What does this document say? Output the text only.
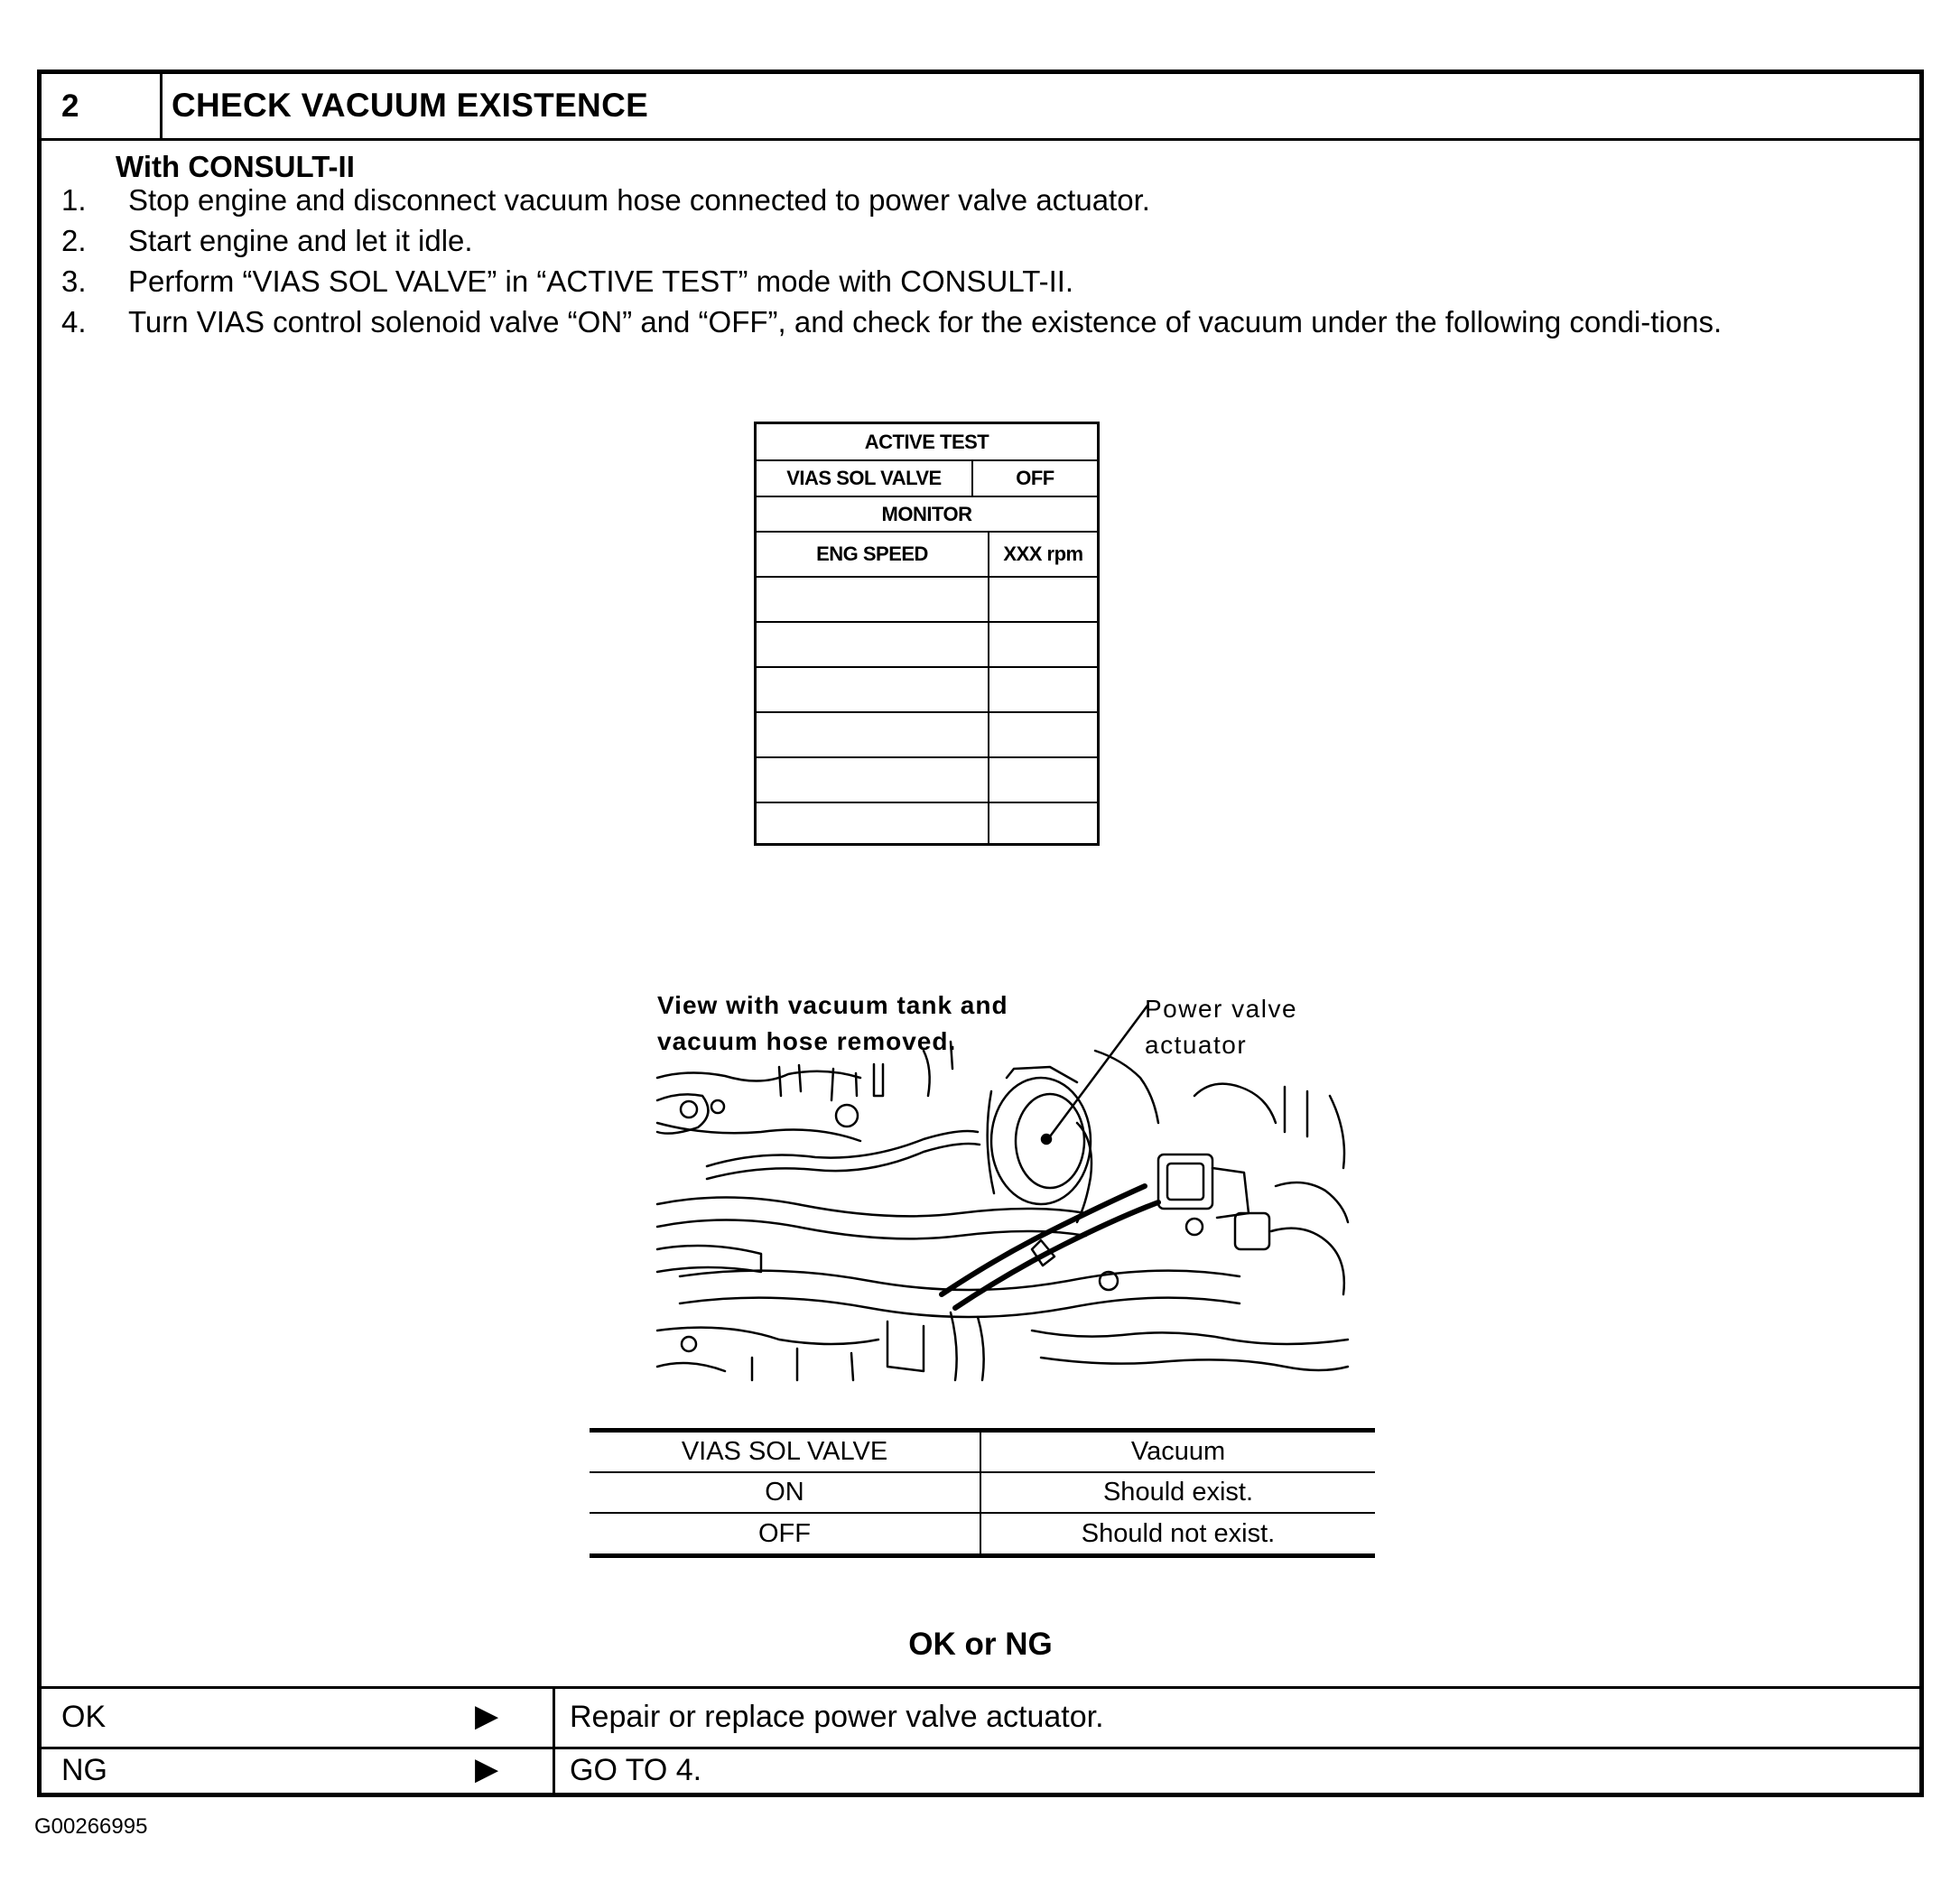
2	CHECK VACUUM EXISTENCE
With CONSULT-II
1. Stop engine and disconnect vacuum hose connected to power valve actuator.
2. Start engine and let it idle.
3. Perform “VIAS SOL VALVE” in “ACTIVE TEST” mode with CONSULT-II.
4. Turn VIAS control solenoid valve “ON” and “OFF”, and check for the existence of vacuum under the following condi-tions.
ACTIVE TEST
VIAS SOL VALVE	OFF
MONITOR
ENG SPEED	XXX rpm
View with vacuum tank and
vacuum hose removed.
Power valve
actuator
VIAS SOL VALVE	Vacuum
ON	Should exist.
OFF	Should not exist.
OK or NG
OK	▶ Repair or replace power valve actuator.
NG	▶ GO TO 4.
G00266995
